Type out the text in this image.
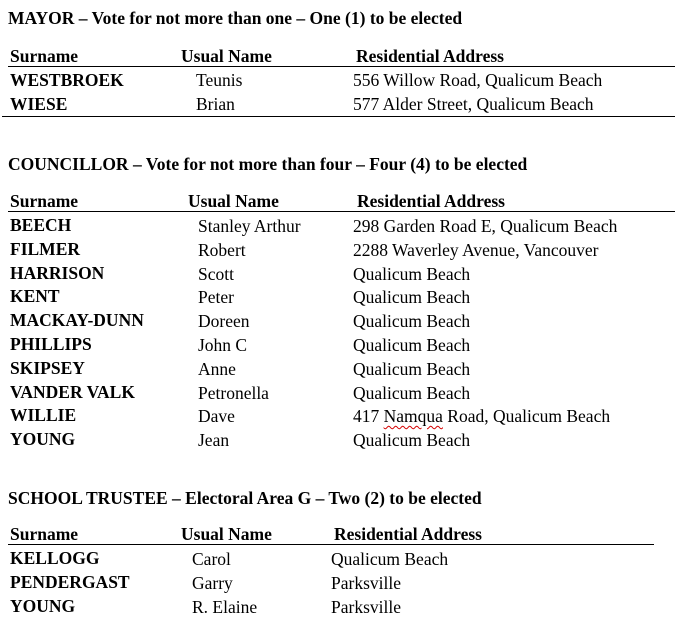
MAYOR – Vote for not more than one – One (1) to be elected
Surname	Usual Name	Residential Address
WESTBROEK	Teunis	556 Willow Road, Qualicum Beach
WIESE	Brian	577 Alder Street, Qualicum Beach
COUNCILLOR – Vote for not more than four – Four (4) to be elected
Surname	Usual Name	Residential Address
BEECH	Stanley Arthur	298 Garden Road E, Qualicum Beach
FILMER	Robert	2288 Waverley Avenue, Vancouver
HARRISON	Scott	Qualicum Beach
KENT	Peter	Qualicum Beach
MACKAY-DUNN	Doreen	Qualicum Beach
PHILLIPS	John C	Qualicum Beach
SKIPSEY	Anne	Qualicum Beach
VANDER VALK	Petronella	Qualicum Beach
WILLIE	Dave	417 Namqua Road, Qualicum Beach
YOUNG	Jean	Qualicum Beach
SCHOOL TRUSTEE – Electoral Area G – Two (2) to be elected
Surname	Usual Name	Residential Address
KELLOGG	Carol	Qualicum Beach
PENDERGAST	Garry	Parksville
YOUNG	R. Elaine	Parksville
